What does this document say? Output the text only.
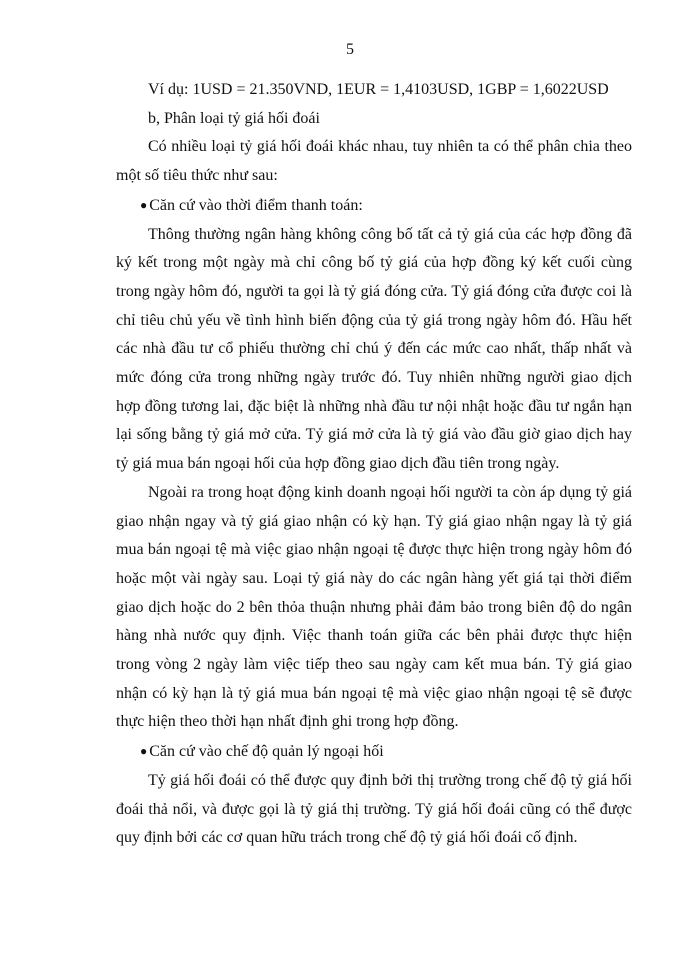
5

Ví dụ: 1USD = 21.350VND, 1EUR = 1,4103USD, 1GBP = 1,6022USD

b, Phân loại tỷ giá hối đoái

Có nhiều loại tỷ giá hối đoái khác nhau, tuy nhiên ta có thể phân chia theo một số tiêu thức như sau:

● Căn cứ vào thời điểm thanh toán:

Thông thường ngân hàng không công bố tất cả tỷ giá của các hợp đồng đã ký kết trong một ngày mà chỉ công bố tỷ giá của hợp đồng ký kết cuối cùng trong ngày hôm đó, người ta gọi là tỷ giá đóng cửa. Tỷ giá đóng cửa được coi là chỉ tiêu chủ yếu về tình hình biến động của tỷ giá trong ngày hôm đó. Hầu hết các nhà đầu tư cổ phiếu thường chỉ chú ý đến các mức cao nhất, thấp nhất và mức đóng cửa trong những ngày trước đó. Tuy nhiên những người giao dịch hợp đồng tương lai, đặc biệt là những nhà đầu tư nội nhật hoặc đầu tư ngắn hạn lại sống bằng tỷ giá mở cửa. Tỷ giá mở cửa là tỷ giá vào đầu giờ giao dịch hay tỷ giá mua bán ngoại hối của hợp đồng giao dịch đầu tiên trong ngày.

Ngoài ra trong hoạt động kinh doanh ngoại hối người ta còn áp dụng tỷ giá giao nhận ngay và tỷ giá giao nhận có kỳ hạn. Tỷ giá giao nhận ngay là tỷ giá mua bán ngoại tệ mà việc giao nhận ngoại tệ được thực hiện trong ngày hôm đó hoặc một vài ngày sau. Loại tỷ giá này do các ngân hàng yết giá tại thời điểm giao dịch hoặc do 2 bên thỏa thuận nhưng phải đảm bảo trong biên độ do ngân hàng nhà nước quy định. Việc thanh toán giữa các bên phải được thực hiện trong vòng 2 ngày làm việc tiếp theo sau ngày cam kết mua bán. Tỷ giá giao nhận có kỳ hạn là tỷ giá mua bán ngoại tệ mà việc giao nhận ngoại tệ sẽ được thực hiện theo thời hạn nhất định ghi trong hợp đồng.

● Căn cứ vào chế độ quản lý ngoại hối

Tỷ giá hối đoái có thể được quy định bởi thị trường trong chế độ tỷ giá hối đoái thả nổi, và được gọi là tỷ giá thị trường. Tỷ giá hối đoái cũng có thể được quy định bởi các cơ quan hữu trách trong chế độ tỷ giá hối đoái cố định.
